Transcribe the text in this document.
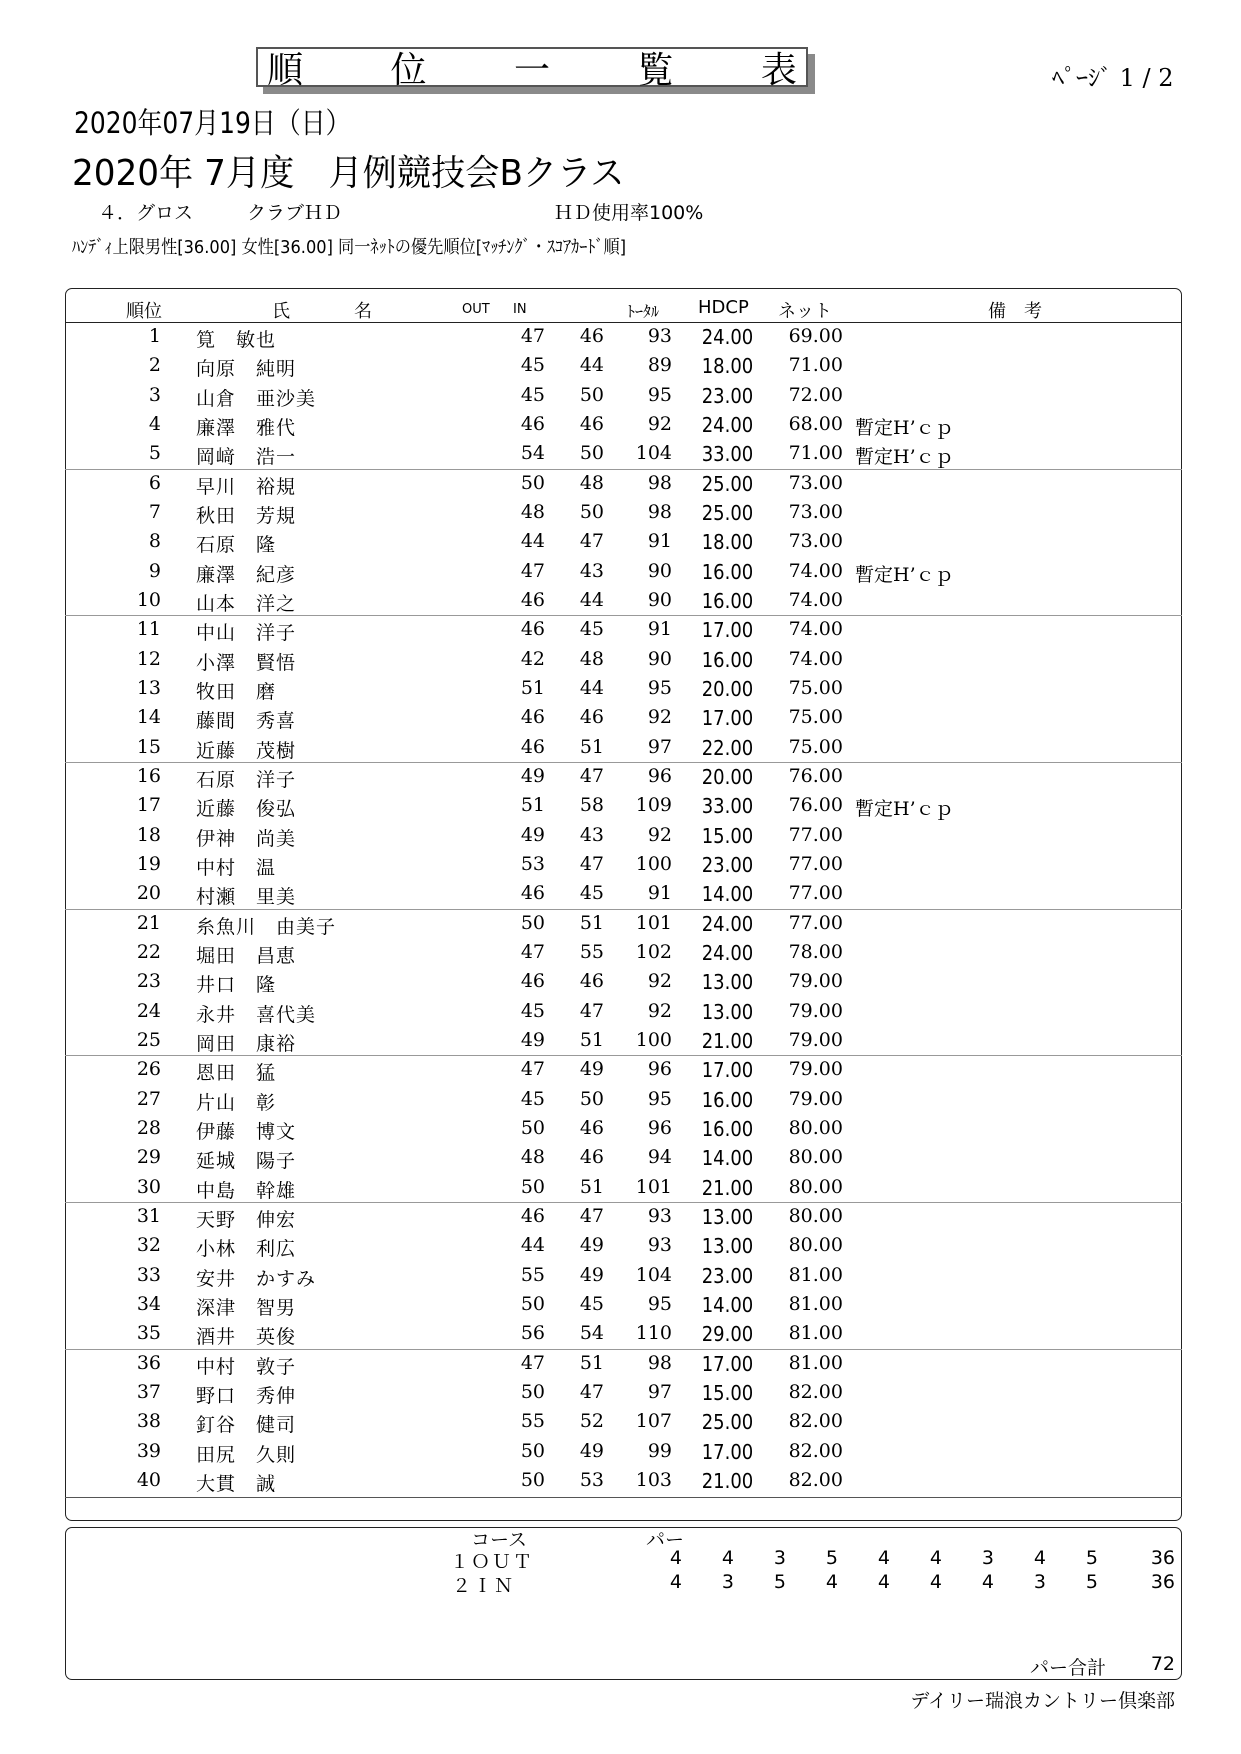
順 位 一 覧 表	ﾍﾟｰｼﾞ 1 / 2
2020年07月19日（日）
2020年 7月度　月例競技会Bクラス
４．グロス	クラブＨＤ	ＨＤ使用率100%
ﾊﾝﾃﾞｨ上限男性[36.00] 女性[36.00] 同一ﾈｯﾄの優先順位[ﾏｯﾁﾝｸﾞ・ｽｺｱｶｰﾄﾞ順]
順位	氏	名	OUT IN	ﾄｰﾀﾙ HDCP ネット	備 考
1 筧　敏也	47 46 93 24.00 69.00
2 向原　純明	45 44 89 18.00 71.00
3 山倉　亜沙美	45 50 95 23.00 72.00
4 廉澤　雅代	46 46 92 24.00 68.00 暫定H’ｃｐ
5 岡﨑　浩一	54 50 104 33.00 71.00 暫定H’ｃｐ
6 早川　裕規	50 48 98 25.00 73.00
7 秋田　芳規	48 50 98 25.00 73.00
8 石原　隆	44 47 91 18.00 73.00
9 廉澤　紀彦	47 43 90 16.00 74.00 暫定H’ｃｐ
10 山本　洋之	46 44 90 16.00 74.00
11 中山　洋子	46 45 91 17.00 74.00
12 小澤　賢悟	42 48 90 16.00 74.00
13 牧田　磨	51 44 95 20.00 75.00
14 藤間　秀喜	46 46 92 17.00 75.00
15 近藤　茂樹	46 51 97 22.00 75.00
16 石原　洋子	49 47 96 20.00 76.00
17 近藤　俊弘	51 58 109 33.00 76.00 暫定H’ｃｐ
18 伊神　尚美	49 43 92 15.00 77.00
19 中村　温	53 47 100 23.00 77.00
20 村瀬　里美	46 45 91 14.00 77.00
21 糸魚川　由美子	50 51 101 24.00 77.00
22 堀田　昌恵	47 55 102 24.00 78.00
23 井口　隆	46 46 92 13.00 79.00
24 永井　喜代美	45 47 92 13.00 79.00
25 岡田　康裕	49 51 100 21.00 79.00
26 恩田　猛	47 49 96 17.00 79.00
27 片山　彰	45 50 95 16.00 79.00
28 伊藤　博文	50 46 96 16.00 80.00
29 延城　陽子	48 46 94 14.00 80.00
30 中島　幹雄	50 51 101 21.00 80.00
31 天野　伸宏	46 47 93 13.00 80.00
32 小林　利広	44 49 93 13.00 80.00
33 安井　かすみ	55 49 104 23.00 81.00
34 深津　智男	50 45 95 14.00 81.00
35 酒井　英俊	56 54 110 29.00 81.00
36 中村　敦子	47 51 98 17.00 81.00
37 野口　秀伸	50 47 97 15.00 82.00
38 釘谷　健司	55 52 107 25.00 82.00
39 田尻　久則	50 49 99 17.00 82.00
40 大貫　誠	50 53 103 21.00 82.00
コース	パー
１ＯＵＴ	4	4	3	5	4	4	3	4	5	36
２ＩＮ	4	3	5	4	4	4	4	3	5	36
パー合計 72
デイリー瑞浪カントリー倶楽部
